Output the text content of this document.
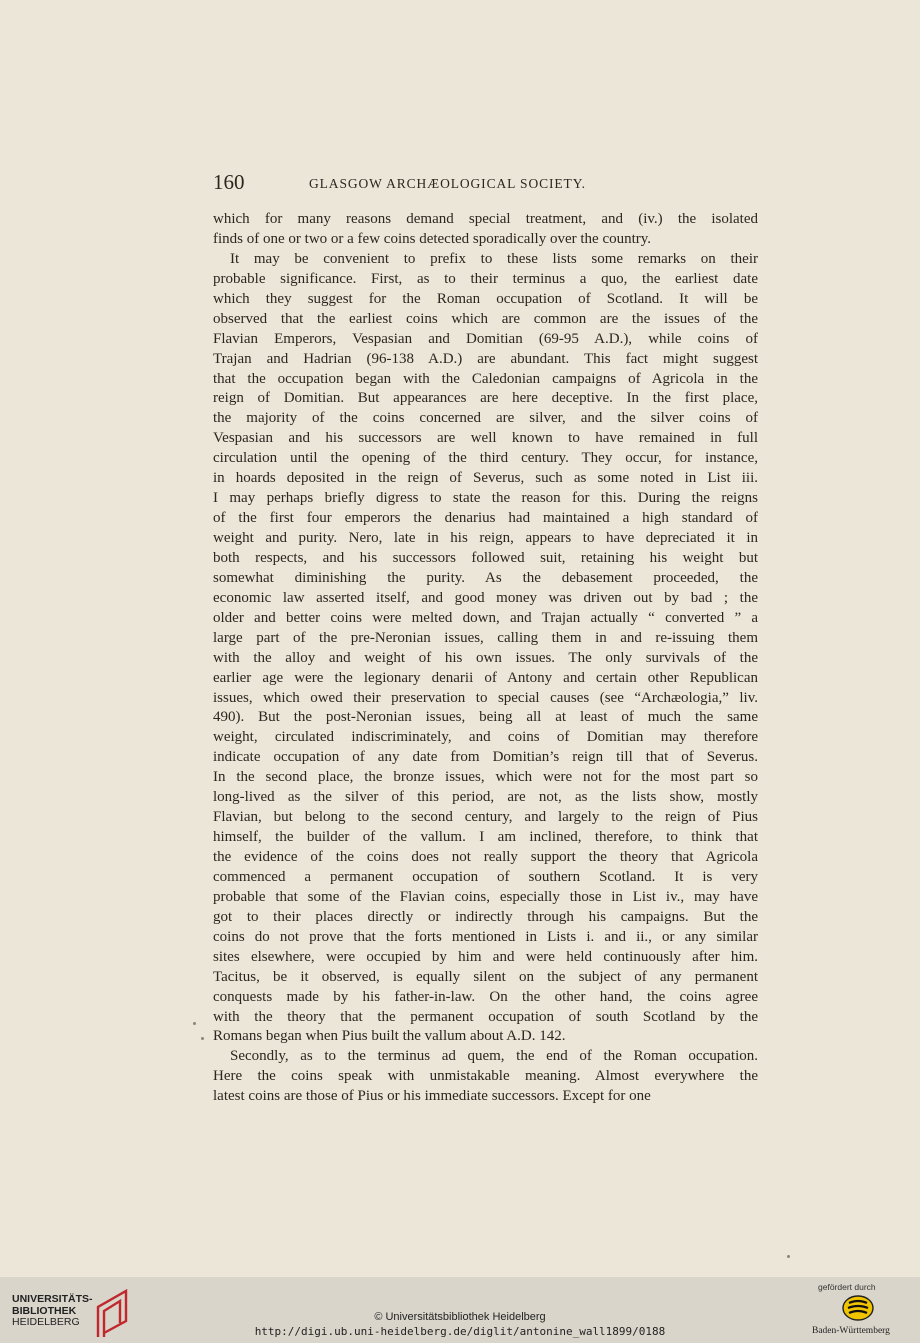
160	GLASGOW ARCHÆOLOGICAL SOCIETY.
which for many reasons demand special treatment, and (iv.) the isolated
finds of one or two or a few coins detected sporadically over the country.
It may be convenient to prefix to these lists some remarks on their
probable significance. First, as to their terminus a quo, the earliest date
which they suggest for the Roman occupation of Scotland. It will be
observed that the earliest coins which are common are the issues of the
Flavian Emperors, Vespasian and Domitian (69-95 A.D.), while coins of
Trajan and Hadrian (96-138 A.D.) are abundant. This fact might suggest
that the occupation began with the Caledonian campaigns of Agricola in the
reign of Domitian. But appearances are here deceptive. In the first place,
the majority of the coins concerned are silver, and the silver coins of
Vespasian and his successors are well known to have remained in full
circulation until the opening of the third century. They occur, for instance,
in hoards deposited in the reign of Severus, such as some noted in List iii.
I may perhaps briefly digress to state the reason for this. During the reigns
of the first four emperors the denarius had maintained a high standard of
weight and purity. Nero, late in his reign, appears to have depreciated it in
both respects, and his successors followed suit, retaining his weight but
somewhat diminishing the purity. As the debasement proceeded, the
economic law asserted itself, and good money was driven out by bad ; the
older and better coins were melted down, and Trajan actually “ converted ” a
large part of the pre-Neronian issues, calling them in and re-issuing them
with the alloy and weight of his own issues. The only survivals of the
earlier age were the legionary denarii of Antony and certain other Republican
issues, which owed their preservation to special causes (see “Archæologia,” liv.
490). But the post-Neronian issues, being all at least of much the same
weight, circulated indiscriminately, and coins of Domitian may therefore
indicate occupation of any date from Domitian’s reign till that of Severus.
In the second place, the bronze issues, which were not for the most part so
long-lived as the silver of this period, are not, as the lists show, mostly
Flavian, but belong to the second century, and largely to the reign of Pius
himself, the builder of the vallum. I am inclined, therefore, to think that
the evidence of the coins does not really support the theory that Agricola
commenced a permanent occupation of southern Scotland. It is very
probable that some of the Flavian coins, especially those in List iv., may have
got to their places directly or indirectly through his campaigns. But the
coins do not prove that the forts mentioned in Lists i. and ii., or any similar
sites elsewhere, were occupied by him and were held continuously after him.
Tacitus, be it observed, is equally silent on the subject of any permanent
conquests made by his father-in-law. On the other hand, the coins agree
with the theory that the permanent occupation of south Scotland by the
Romans began when Pius built the vallum about A.D. 142.
Secondly, as to the terminus ad quem, the end of the Roman occupation.
Here the coins speak with unmistakable meaning. Almost everywhere the
latest coins are those of Pius or his immediate successors. Except for one
UNIVERSITÄTS-
BIBLIOTHEK
HEIDELBERG	© Universitätsbibliothek Heidelberg
http://digi.ub.uni-heidelberg.de/diglit/antonine_wall1899/0188
gefördert durch
Baden-Württemberg
